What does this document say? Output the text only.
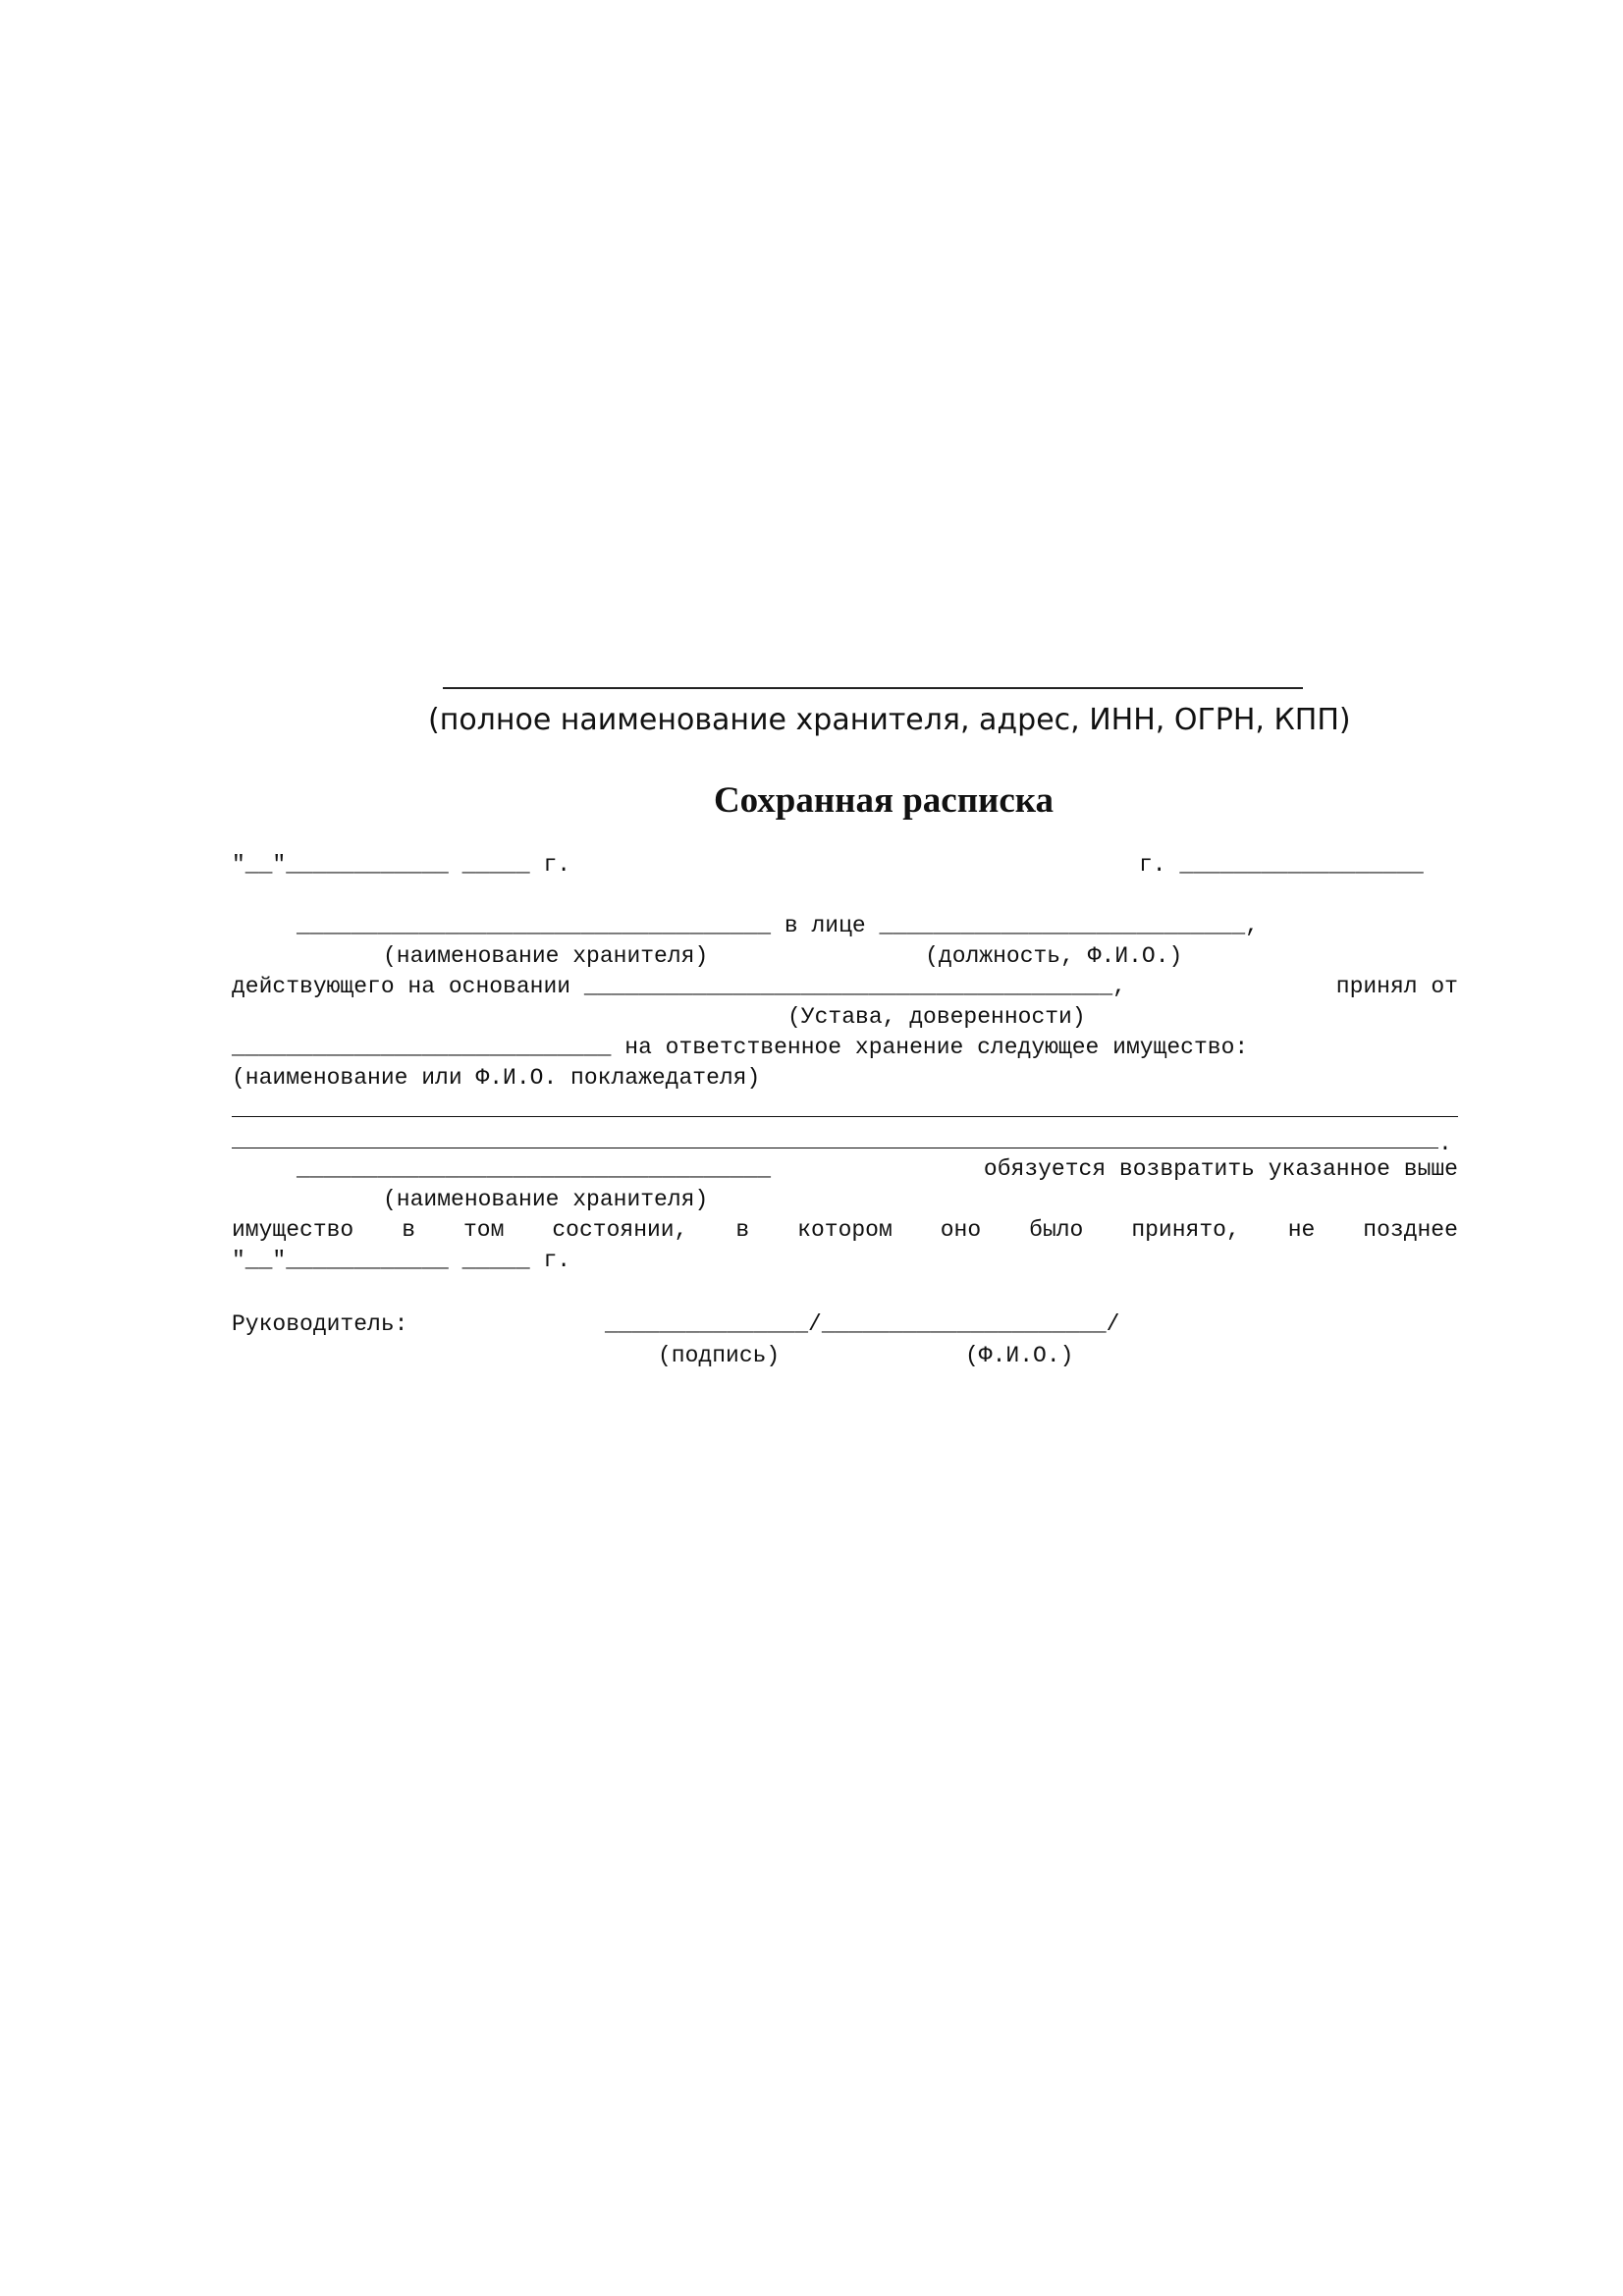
(полное наименование хранителя, адрес, ИНН, ОГРН, КПП)
Сохранная расписка
"__"____________ _____ г.	г. __________________
___________________________________ в лице ___________________________,
(наименование хранителя)                (должность, Ф.И.О.)
действующего на основании _______________________________________,	принял от
(Устава, доверенности)
____________________________ на ответственное хранение следующее имущество:
(наименование или Ф.И.О. поклажедателя)
.
___________________________________	обязуется возвратить указанное выше
(наименование хранителя)
имущество в том состоянии, в котором оно было принято, не позднее
"__"____________ _____ г.
Руководитель:	_______________/_____________________/
(подпись)	(Ф.И.О.)
